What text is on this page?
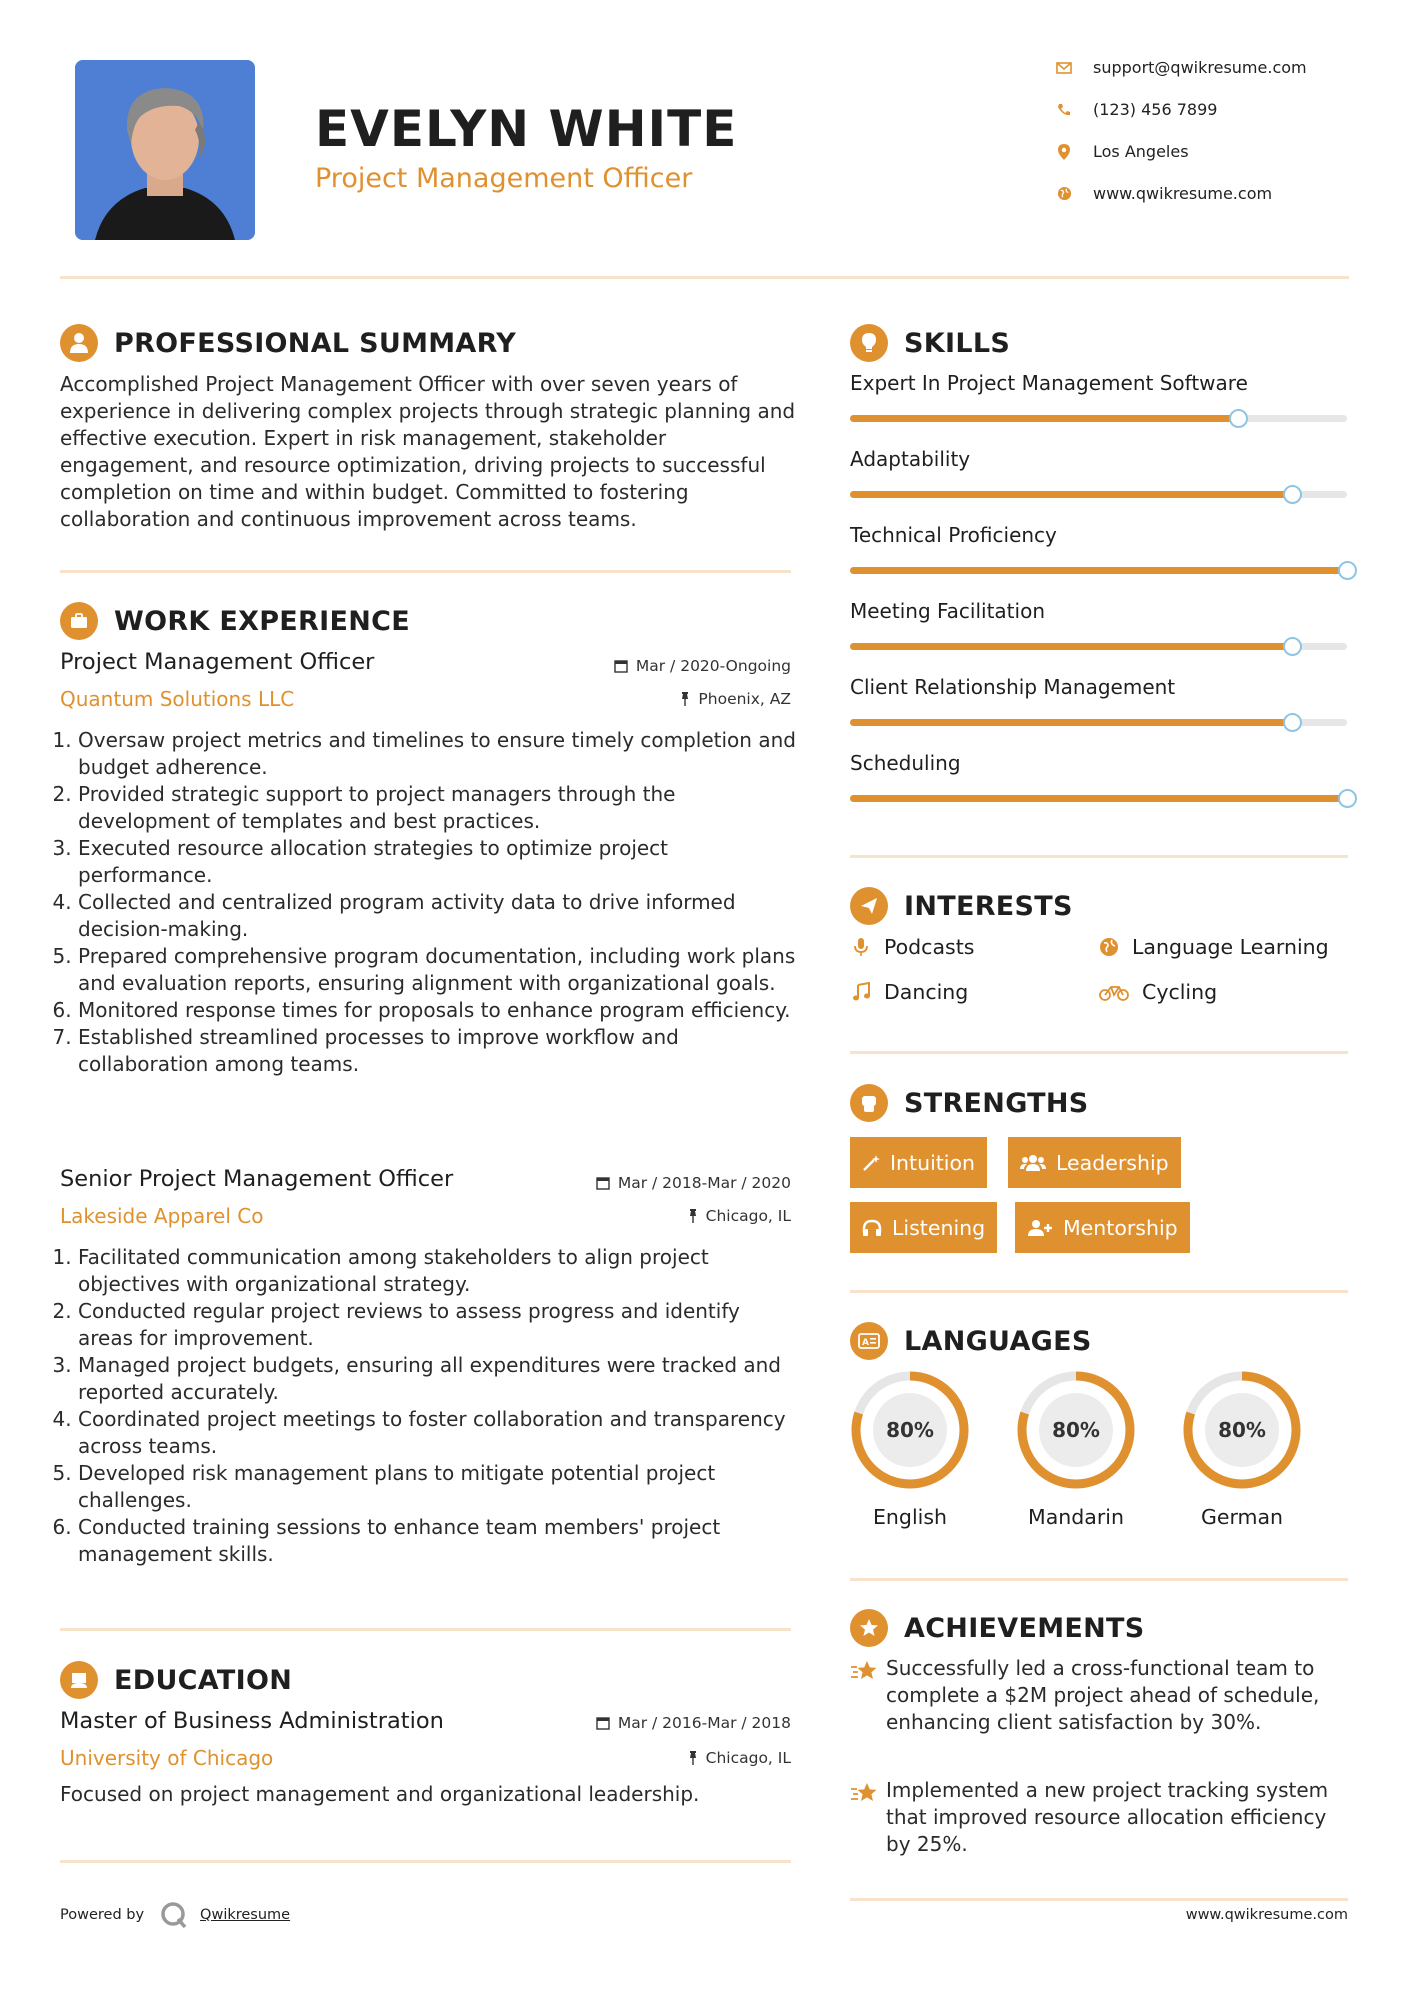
EVELYN WHITE
Project Management Officer
support@qwikresume.com
(123) 456 7899
Los Angeles
www.qwikresume.com
PROFESSIONAL SUMMARY
Accomplished Project Management Officer with over seven years of experience in delivering complex projects through strategic planning and effective execution. Expert in risk management, stakeholder engagement, and resource optimization, driving projects to successful completion on time and within budget. Committed to fostering collaboration and continuous improvement across teams.
WORK EXPERIENCE
Project Management Officer	Mar / 2020-Ongoing
Quantum Solutions LLC	Phoenix, AZ
1. Oversaw project metrics and timelines to ensure timely completion and budget adherence.
2. Provided strategic support to project managers through the development of templates and best practices.
3. Executed resource allocation strategies to optimize project performance.
4. Collected and centralized program activity data to drive informed decision-making.
5. Prepared comprehensive program documentation, including work plans and evaluation reports, ensuring alignment with organizational goals.
6. Monitored response times for proposals to enhance program efficiency.
7. Established streamlined processes to improve workflow and collaboration among teams.
Senior Project Management Officer	Mar / 2018-Mar / 2020
Lakeside Apparel Co	Chicago, IL
1. Facilitated communication among stakeholders to align project objectives with organizational strategy.
2. Conducted regular project reviews to assess progress and identify areas for improvement.
3. Managed project budgets, ensuring all expenditures were tracked and reported accurately.
4. Coordinated project meetings to foster collaboration and transparency across teams.
5. Developed risk management plans to mitigate potential project challenges.
6. Conducted training sessions to enhance team members' project management skills.
EDUCATION
Master of Business Administration	Mar / 2016-Mar / 2018
University of Chicago	Chicago, IL
Focused on project management and organizational leadership.
Powered by	Qwikresume
SKILLS
Expert In Project Management Software
Adaptability
Technical Proficiency
Meeting Facilitation
Client Relationship Management
Scheduling
INTERESTS
Podcasts	Language Learning
Dancing	Cycling
STRENGTHS
Intuition	Leadership
Listening	Mentorship
A LANGUAGES
80%
English
80%
Mandarin
80%
German
ACHIEVEMENTS
Successfully led a cross-functional team to complete a $2M project ahead of schedule, enhancing client satisfaction by 30%.
Implemented a new project tracking system that improved resource allocation efficiency by 25%.
www.qwikresume.com
